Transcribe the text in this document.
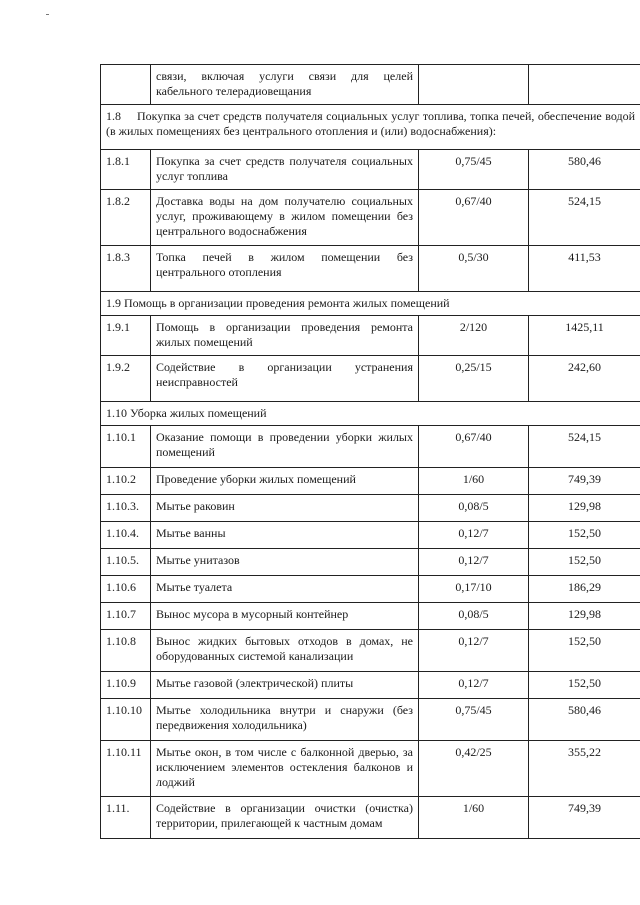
	связи, включая услуги связи для целей кабельного телерадиовещания		
1.8 Покупка за счет средств получателя социальных услуг топлива, топка печей, обеспечение водой (в жилых помещениях без центрального отопления и (или) водоснабжения):			
1.8.1	Покупка за счет средств получателя социальных услуг топлива	0,75/45	580,46
1.8.2	Доставка воды на дом получателю социальных услуг, проживающему в жилом помещении без центрального водоснабжения	0,67/40	524,15
1.8.3	Топка печей в жилом помещении без центрального отопления	0,5/30	411,53
1.9 Помощь в организации проведения ремонта жилых помещений			
1.9.1	Помощь в организации проведения ремонта жилых помещений	2/120	1425,11
1.9.2	Содействие в организации устранения неисправностей	0,25/15	242,60
1.10 Уборка жилых помещений			
1.10.1	Оказание помощи в проведении уборки жилых помещений	0,67/40	524,15
1.10.2	Проведение уборки жилых помещений	1/60	749,39
1.10.3.	Мытье раковин	0,08/5	129,98
1.10.4.	Мытье ванны	0,12/7	152,50
1.10.5.	Мытье унитазов	0,12/7	152,50
1.10.6	Мытье туалета	0,17/10	186,29
1.10.7	Вынос мусора в мусорный контейнер	0,08/5	129,98
1.10.8	Вынос жидких бытовых отходов в домах, не оборудованных системой канализации	0,12/7	152,50
1.10.9	Мытье газовой (электрической) плиты	0,12/7	152,50
1.10.10	Мытье холодильника внутри и снаружи (без передвижения холодильника)	0,75/45	580,46
1.10.11	Мытье окон, в том числе с балконной дверью, за исключением элементов остекления балконов и лоджий	0,42/25	355,22
1.11.	Содействие в организации очистки (очистка) территории, прилегающей к частным домам	1/60	749,39
